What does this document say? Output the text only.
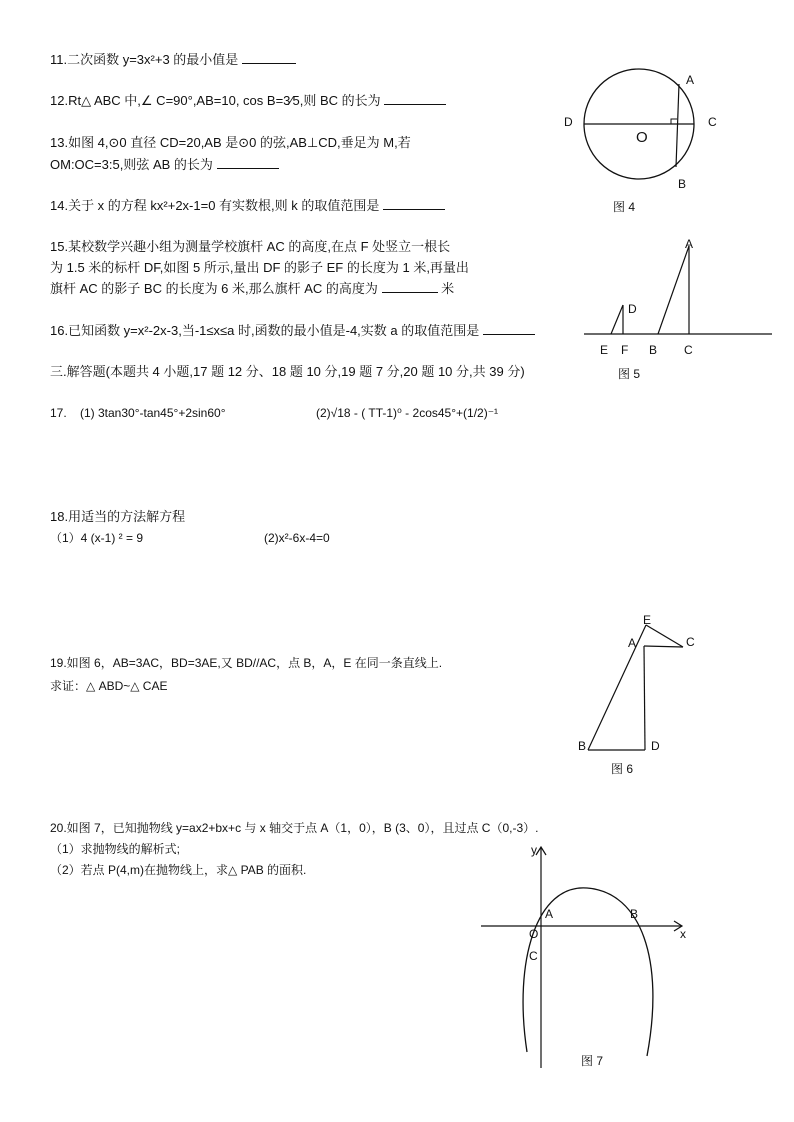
11.二次函数 y=3x²+3 的最小值是
12.Rt△ ABC 中,∠ C=90°,AB=10, cos B=3⁄5,则 BC 的长为
13.如图 4,⊙0 直径 CD=20,AB 是⊙0 的弦,AB⊥CD,垂足为 M,若
OM:OC=3:5,则弦 AB 的长为
14.关于 x 的方程 kx²+2x-1=0 有实数根,则 k 的取值范围是
15.某校数学兴趣小组为测量学校旗杆 AC 的高度,在点 F 处竖立一根长
为 1.5 米的标杆 DF,如图 5 所示,量出 DF 的影子 EF 的长度为 1 米,再量出
旗杆 AC 的影子 BC 的长度为 6 米,那么旗杆 AC 的高度为	米
16.已知函数 y=x²-2x-3,当-1≤x≤a 时,函数的最小值是-4,实数 a 的取值范围是
三.解答题(本题共 4 小题,17 题 12 分、18 题 10 分,19 题 7 分,20 题 10 分,共 39 分)
17. (1) 3tan30°-tan45°+2sin60°	(2)√18 - ( TT-1)⁰ - 2cos45°+(1/2)⁻¹
18.用适当的方法解方程
（1）4 (x-1) ² = 9	(2)x²-6x-4=0
19.如图 6，AB=3AC，BD=3AE,又 BD//AC，点 B，A，E 在同一条直线上.
求证：△ ABD~△ CAE
20.如图 7，已知抛物线 y=ax2+bx+c 与 x 轴交于点 A（1，0），B (3、0），且过点 C（0,-3）.
（1）求抛物线的解析式;
（2）若点 P(4,m)在抛物线上，求△ PAB 的面积.
A
B
C
D
O
图 4
A
D
E F B C
图 5
E
A	C
B	D
图 6
y
x
A	B
O
C
图 7
